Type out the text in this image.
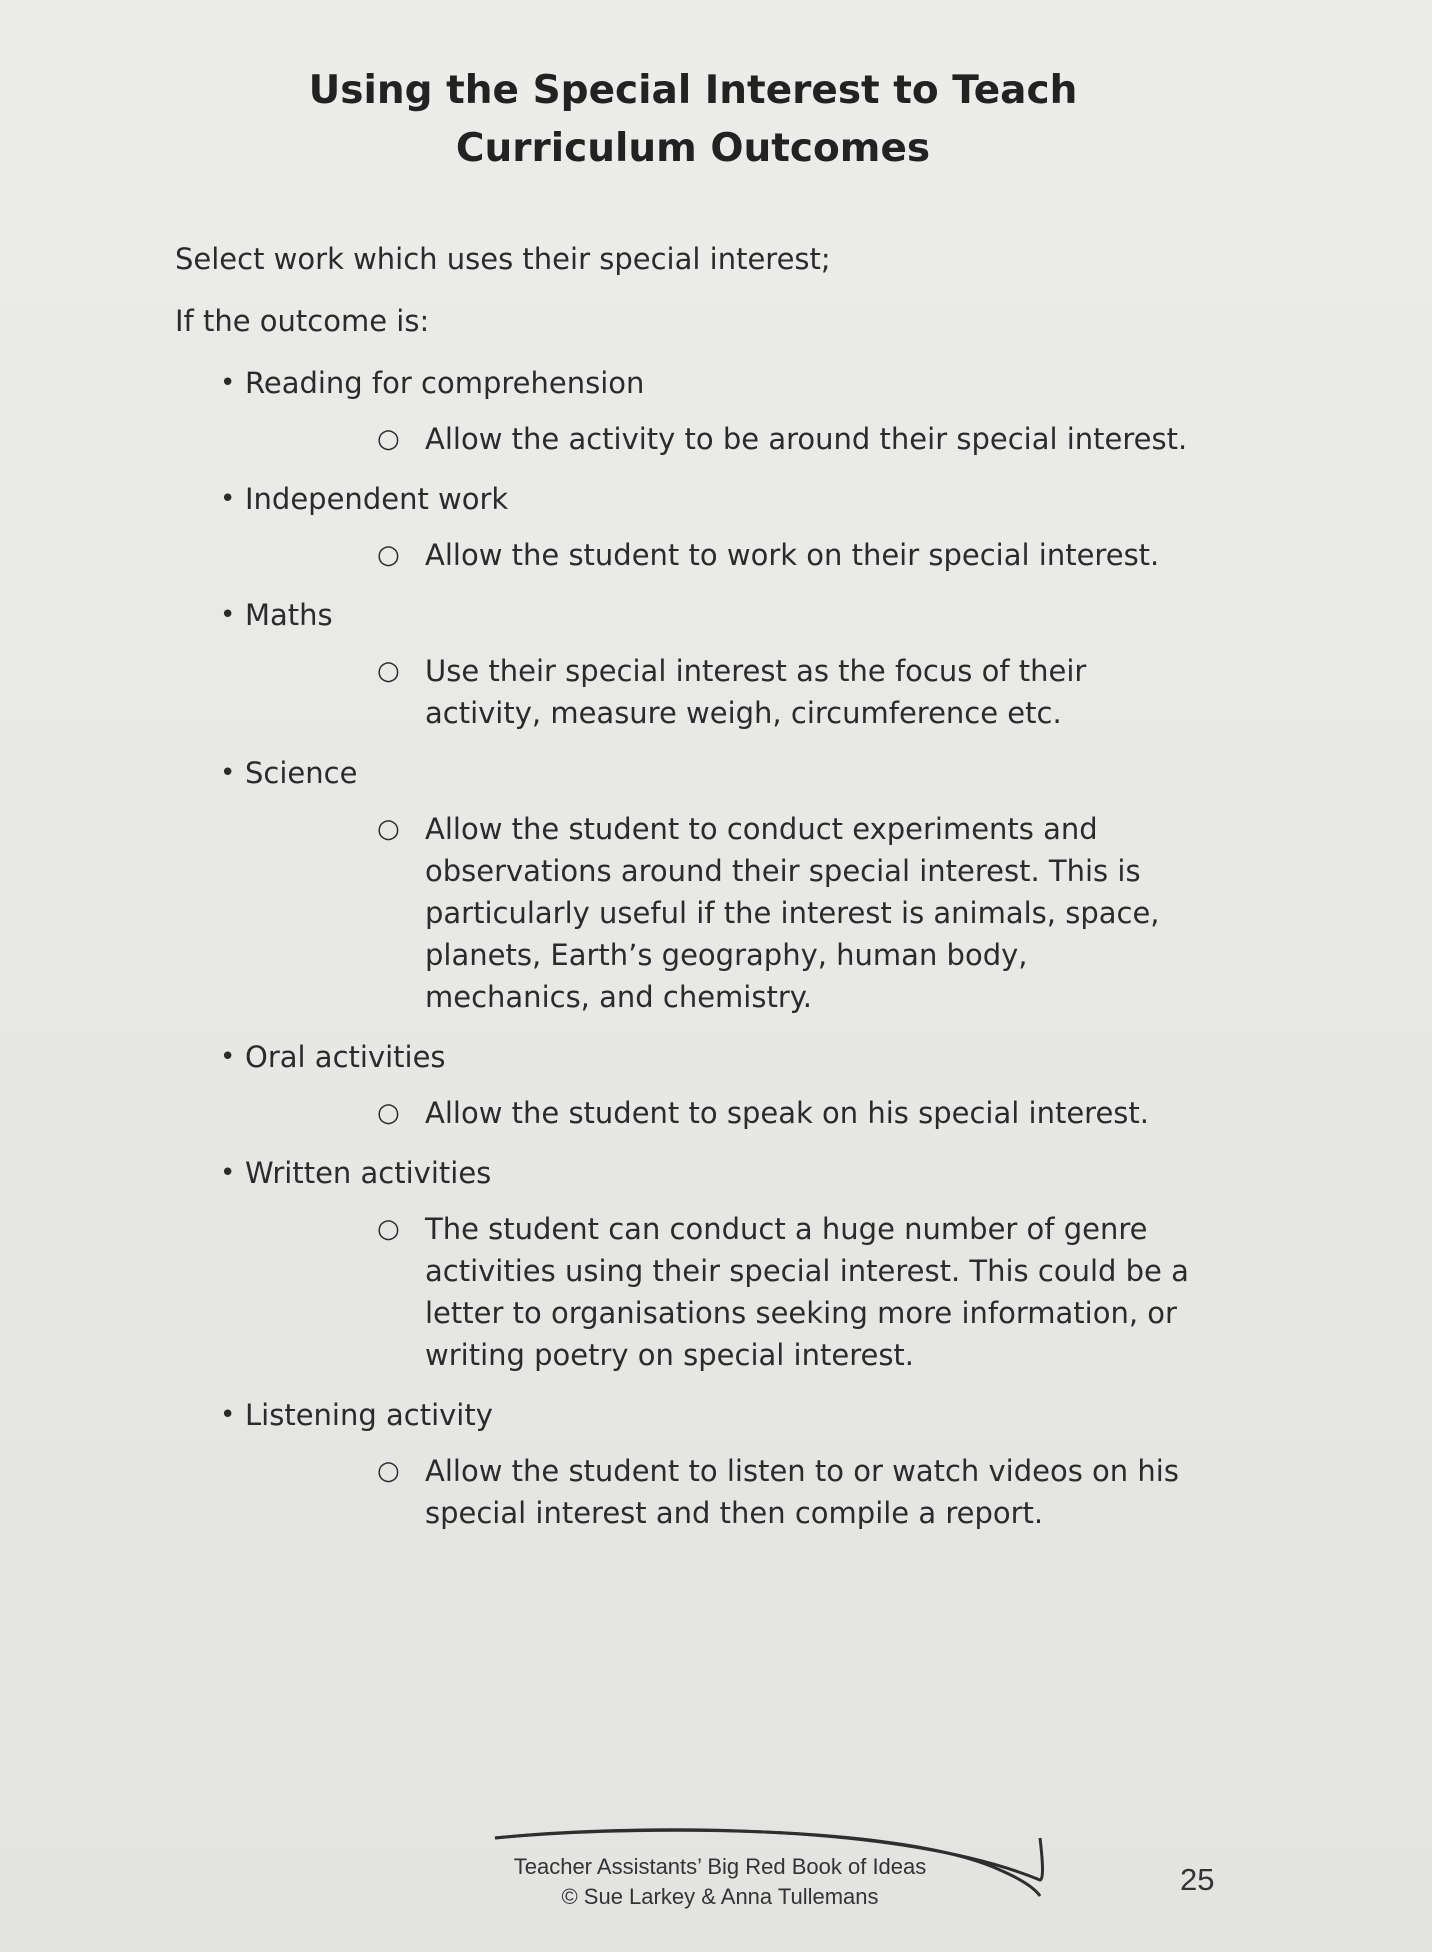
Using the Special Interest to Teach
Curriculum Outcomes

Select work which uses their special interest;

If the outcome is:

• Reading for comprehension
○ Allow the activity to be around their special interest.
• Independent work
○ Allow the student to work on their special interest.
• Maths
○ Use their special interest as the focus of their activity, measure weigh, circumference etc.
• Science
○ Allow the student to conduct experiments and observations around their special interest. This is particularly useful if the interest is animals, space, planets, Earth’s geography, human body, mechanics, and chemistry.
• Oral activities
○ Allow the student to speak on his special interest.
• Written activities
○ The student can conduct a huge number of genre activities using their special interest. This could be a letter to organisations seeking more information, or writing poetry on special interest.
• Listening activity
○ Allow the student to listen to or watch videos on his special interest and then compile a report.
Teacher Assistants’ Big Red Book of Ideas
© Sue Larkey & Anna Tullemans	25
